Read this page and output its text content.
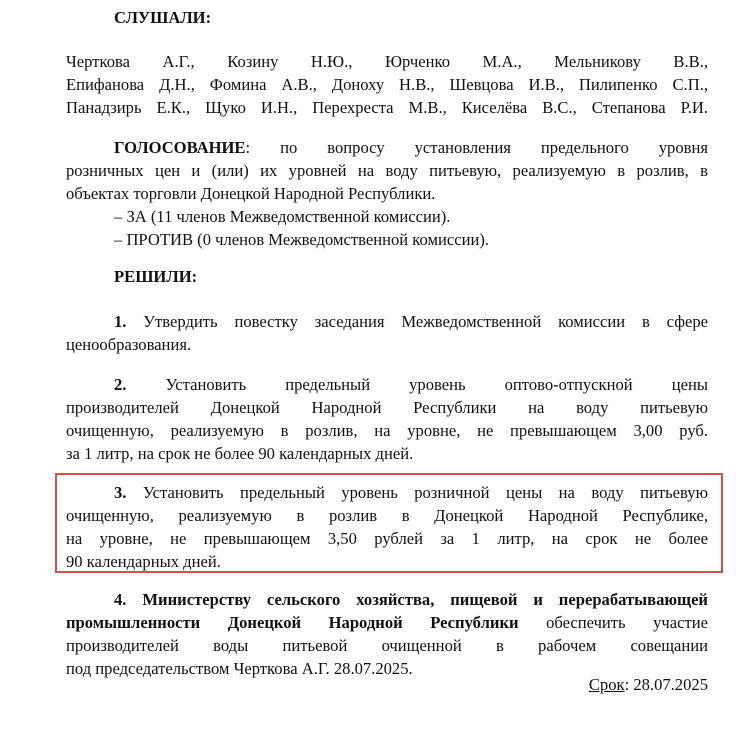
СЛУШАЛИ:
Черткова А.Г., Козину Н.Ю., Юрченко М.А., Мельникову В.В.,
Епифанова Д.Н., Фомина А.В., Доноху Н.В., Шевцова И.В., Пилипенко С.П.,
Панадзирь Е.К., Щуко И.Н., Перехреста М.В., Киселёва В.С., Степанова Р.И.
ГОЛОСОВАНИЕ: по вопросу установления предельного уровня
розничных цен и (или) их уровней на воду питьевую, реализуемую в розлив, в
объектах торговли Донецкой Народной Республики.
– ЗА (11 членов Межведомственной комиссии).
– ПРОТИВ (0 членов Межведомственной комиссии).
РЕШИЛИ:
1. Утвердить повестку заседания Межведомственной комиссии в сфере
ценообразования.
2. Установить предельный уровень оптово-отпускной цены
производителей Донецкой Народной Республики на воду питьевую
очищенную, реализуемую в розлив, на уровне, не превышающем 3,00 руб.
за 1 литр, на срок не более 90 календарных дней.
3. Установить предельный уровень розничной цены на воду питьевую
очищенную, реализуемую в розлив в Донецкой Народной Республике,
на уровне, не превышающем 3,50 рублей за 1 литр, на срок не более
90 календарных дней.
4. Министерству сельского хозяйства, пищевой и перерабатывающей
промышленности Донецкой Народной Республики обеспечить участие
производителей воды питьевой очищенной в рабочем совещании
под председательством Черткова А.Г. 28.07.2025.
Срок: 28.07.2025
